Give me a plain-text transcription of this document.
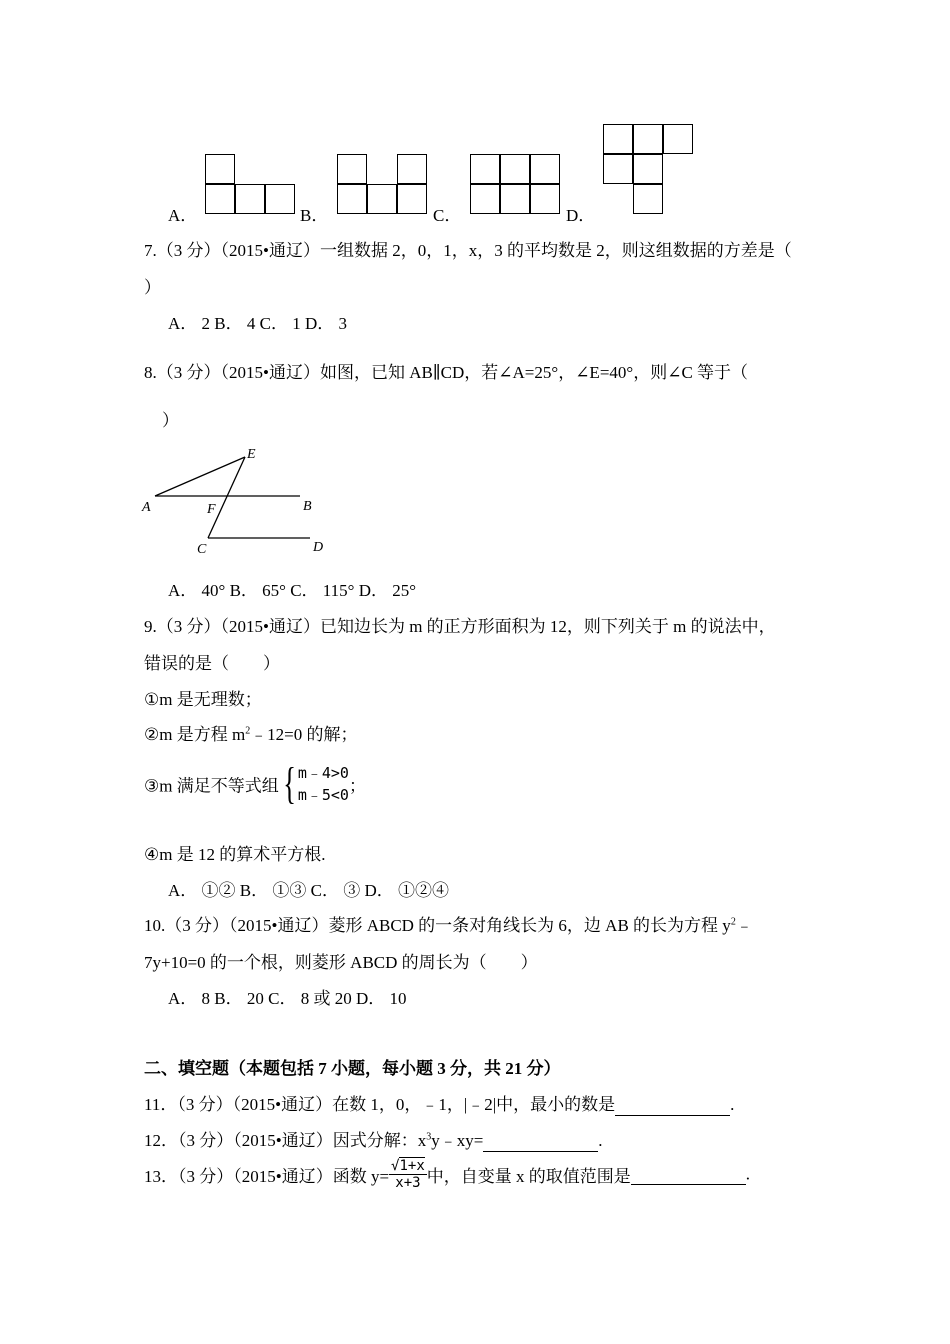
A．	B．	C．	D．
7.（3 分）（2015•通辽）一组数据 2，0，1，x，3 的平均数是 2，则这组数据的方差是（
）
A． 2 B． 4 C． 1 D． 3
8.（3 分）（2015•通辽）如图，已知 AB∥CD，若∠A=25°，∠E=40°，则∠C 等于（
）
E
A	B
F
C	D
A． 40° B． 65° C． 115° D． 25°
9.（3 分）（2015•通辽）已知边长为 m 的正方形面积为 12，则下列关于 m 的说法中，
错误的是（　　）
①m 是无理数；
②m 是方程 $m^2﹣12=0$ 的解；
③m 满足不等式组{ m﹣4>0
m﹣5<0 ；
④m 是 12 的算术平方根.
A． ①② B． ①③ C． ③ D． ①②④
10.（3 分）（2015•通辽）菱形 ABCD 的一条对角线长为 6，边 AB 的长为方程 $y^2﹣$
7y+10=0 的一个根，则菱形 ABCD 的周长为（　　）
A． 8 B． 20 C． 8 或 20 D． 10
二、填空题（本题包括 7 小题，每小题 3 分，共 21 分）
11．（3 分）（2015•通辽）在数 1，0，﹣1，|﹣2|中，最小的数是	.
12．（3 分）（2015•通辽）因式分解：$x^3y﹣xy=$	.
13．（3 分）（2015•通辽）函数 $y= \frac{√1+x}{x+3}$ 中，自变量 x 的取值范围是	.
